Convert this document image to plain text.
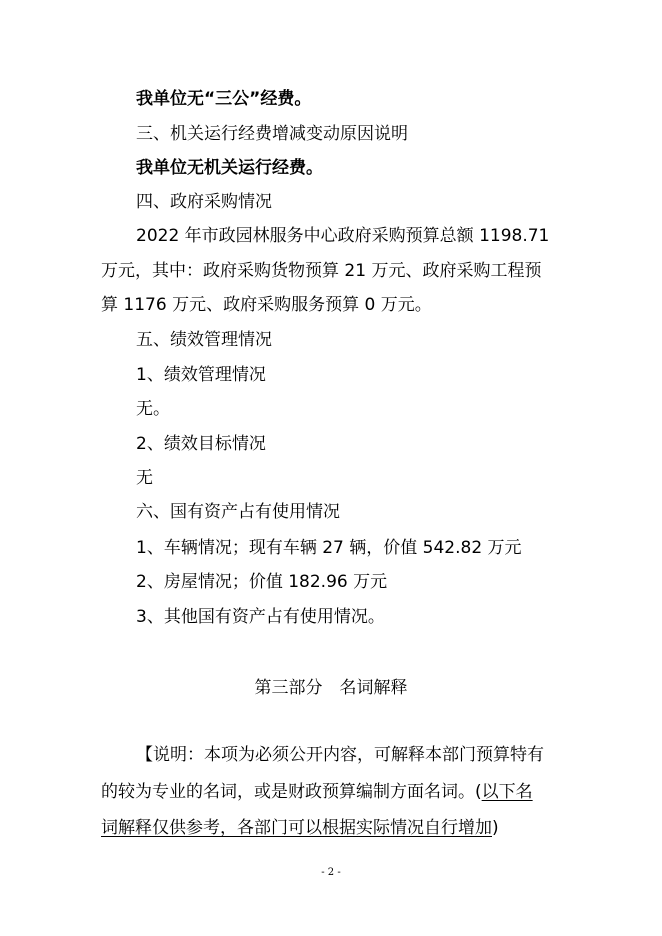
我单位无“三公”经费。

三、机关运行经费增减变动原因说明

我单位无机关运行经费。

四、政府采购情况

2022 年市政园林服务中心政府采购预算总额 1198.71

万元，其中：政府采购货物预算 21 万元、政府采购工程预

算 1176 万元、政府采购服务预算 0 万元。

五、绩效管理情况

1、绩效管理情况

无。

2、绩效目标情况

无

六、国有资产占有使用情况

1、车辆情况；现有车辆 27 辆，价值 542.82 万元

2、房屋情况；价值 182.96 万元

3、其他国有资产占有使用情况。

第三部分　名词解释

【说明：本项为必须公开内容，可解释本部门预算特有

的较为专业的名词，或是财政预算编制方面名词。(以下名

词解释仅供参考，各部门可以根据实际情况自行增加)

- 2 -
